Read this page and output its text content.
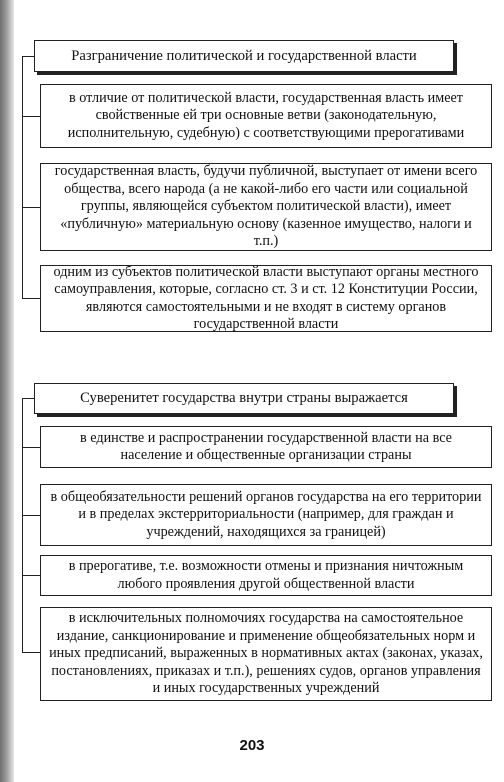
Разграничение политической и государственной власти
в отличие от политической власти, государственная власть имеет свойственные ей три основные ветви (законодательную, исполнительную, судебную) с соответствующими прерогативами
государственная власть, будучи публичной, выступает от имени всего общества, всего народа (а не какой-либо его части или социальной группы, являющейся субъектом политической власти), имеет «публичную» материальную основу (казенное имущество, налоги и т.п.)
одним из субъектов политической власти выступают органы местного самоуправления, которые, согласно ст. 3 и ст. 12 Конституции России, являются самостоятельными и не входят в систему органов государственной власти
Суверенитет государства внутри страны выражается
в единстве и распространении государственной власти на все население и общественные организации страны
в общеобязательности решений органов государства на его территории и в пределах экстерриториальности (например, для граждан и учреждений, находящихся за границей)
в прерогативе, т.е. возможности отмены и признания ничтожным любого проявления другой общественной власти
в исключительных полномочиях государства на самостоятельное издание, санкционирование и применение общеобязательных норм и иных предписаний, выраженных в нормативных актах (законах, указах, постановлениях, приказах и т.п.), решениях судов, органов управления и иных государственных учреждений
203
